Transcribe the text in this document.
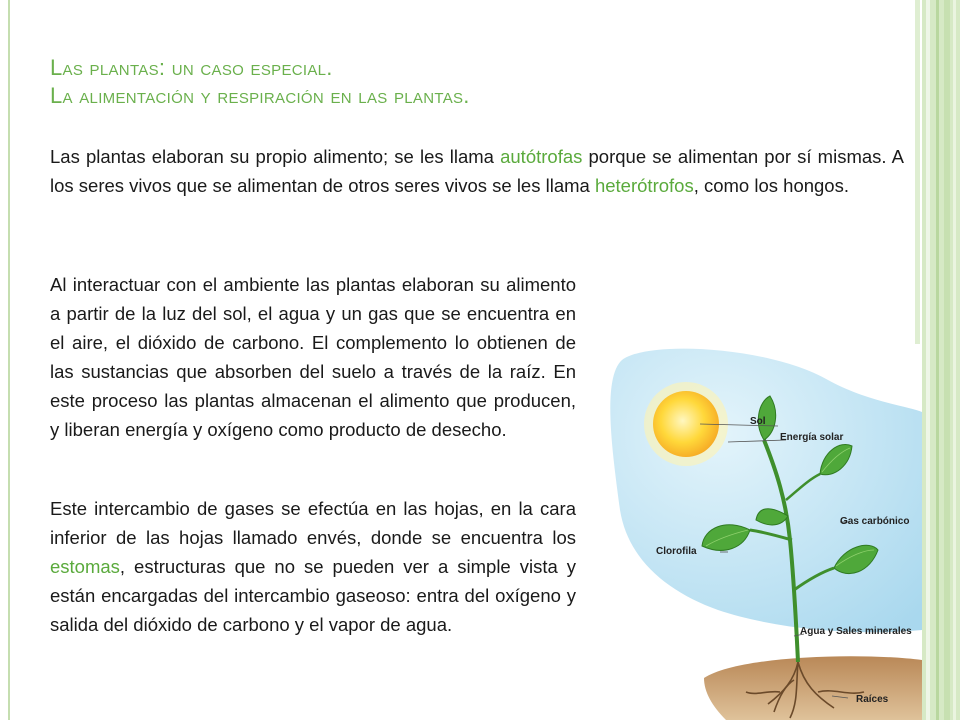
Las plantas: un caso especial.
La alimentación y respiración en las plantas.
Las plantas elaboran su propio alimento; se les llama autótrofas porque se alimentan por sí mismas. A los seres vivos que se alimentan de otros seres vivos se les llama heterótrofos, como los hongos.
Al interactuar con el ambiente las plantas elaboran su alimento a partir de la luz del sol, el agua y un gas que se encuentra en el aire, el dióxido de carbono. El complemento lo obtienen de las sustancias que absorben del suelo a través de la raíz. En este proceso las plantas almacenan el alimento que producen, y liberan energía y oxígeno como producto de desecho.
Este intercambio de gases se efectúa en las hojas, en la cara inferior de las hojas llamado envés, donde se encuentra los estomas, estructuras que no se pueden ver a simple vista y están encargadas del intercambio gaseoso: entra del oxígeno y salida del dióxido de carbono y el vapor de agua.
Sol
Energía solar
Gas carbónico
Clorofila
Agua y Sales minerales
Raíces
